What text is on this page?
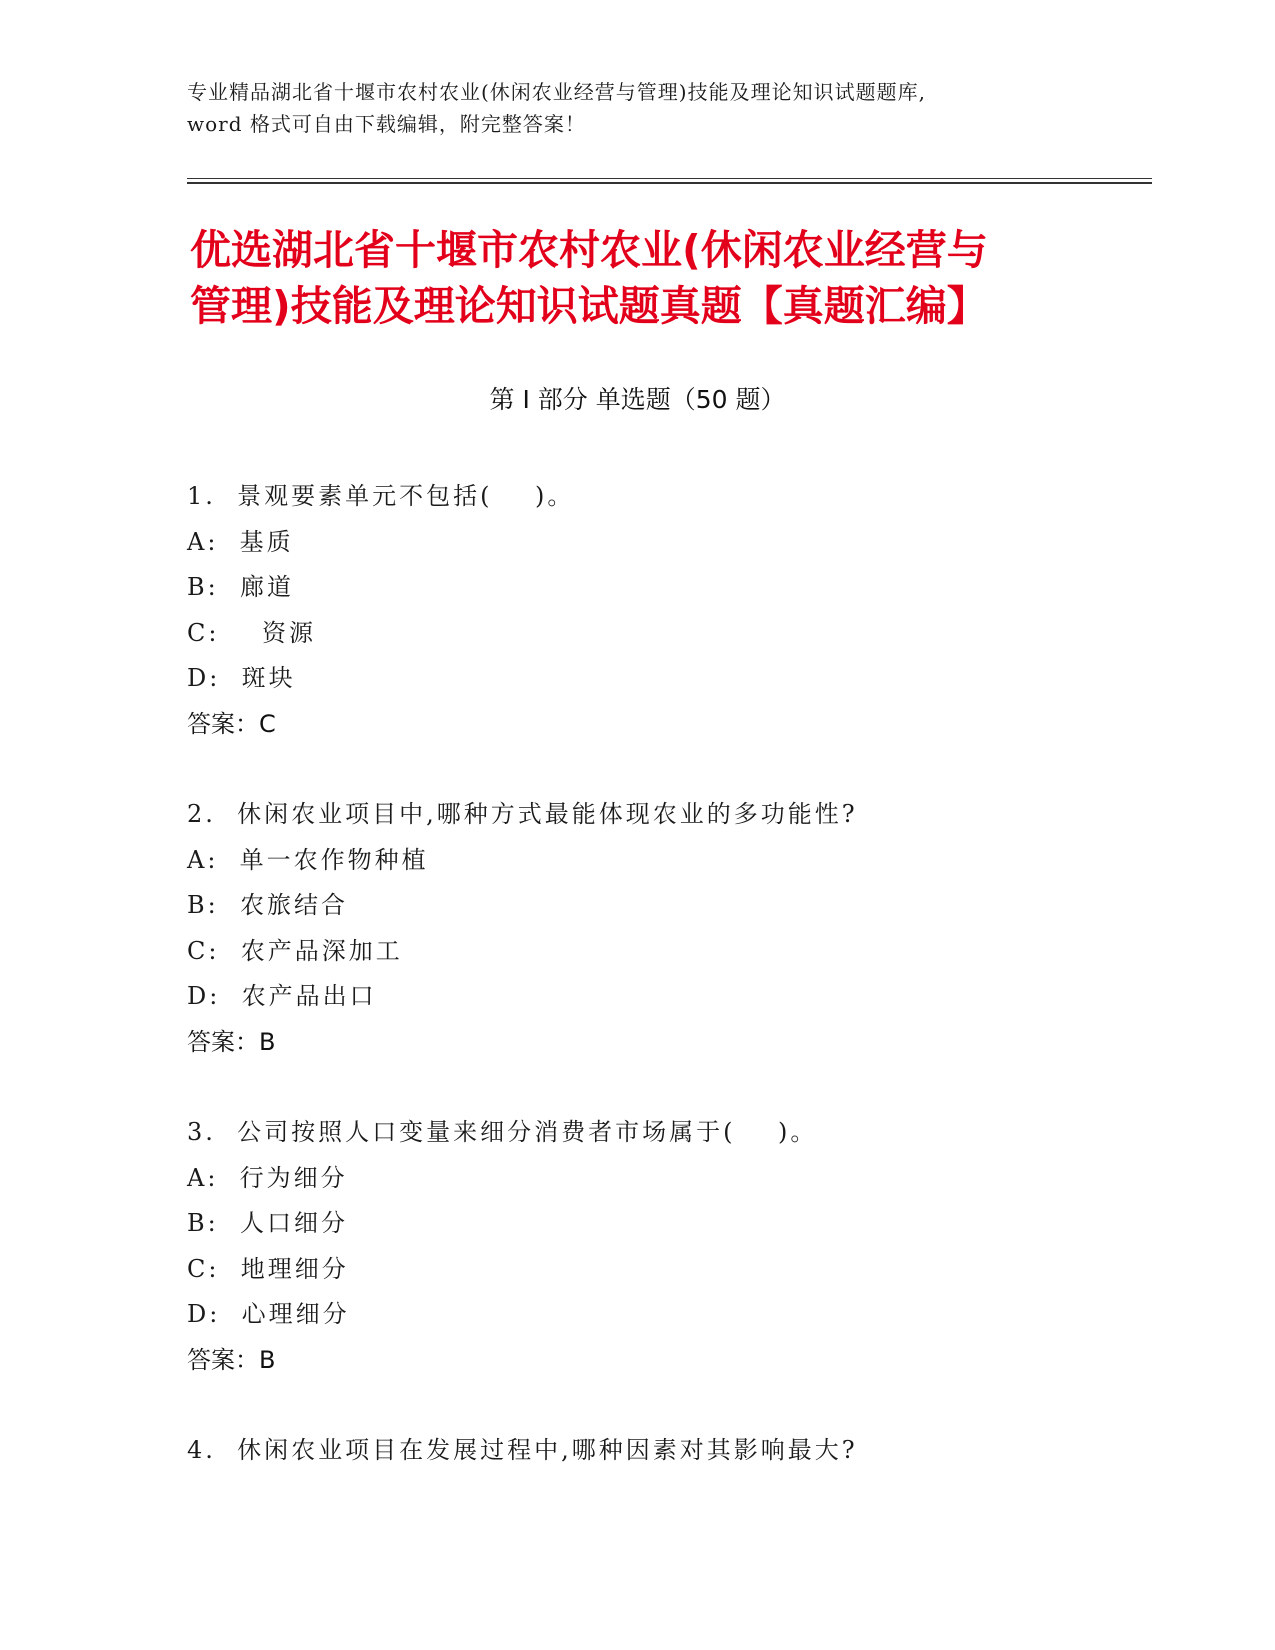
专业精品湖北省十堰市农村农业(休闲农业经营与管理)技能及理论知识试题题库,
word 格式可自由下载编辑，附完整答案！
优选湖北省十堰市农村农业(休闲农业经营与
管理)技能及理论知识试题真题【真题汇编】
第 I 部分 单选题（50 题）
1.  景观要素单元不包括(    )。
A:  基质
B:  廊道
C:    资源
D:  斑块
答案：C
2.  休闲农业项目中,哪种方式最能体现农业的多功能性?
A:  单一农作物种植
B:  农旅结合
C:  农产品深加工
D:  农产品出口
答案：B
3.  公司按照人口变量来细分消费者市场属于(    )。
A:  行为细分
B:  人口细分
C:  地理细分
D:  心理细分
答案：B
4.  休闲农业项目在发展过程中,哪种因素对其影响最大?
